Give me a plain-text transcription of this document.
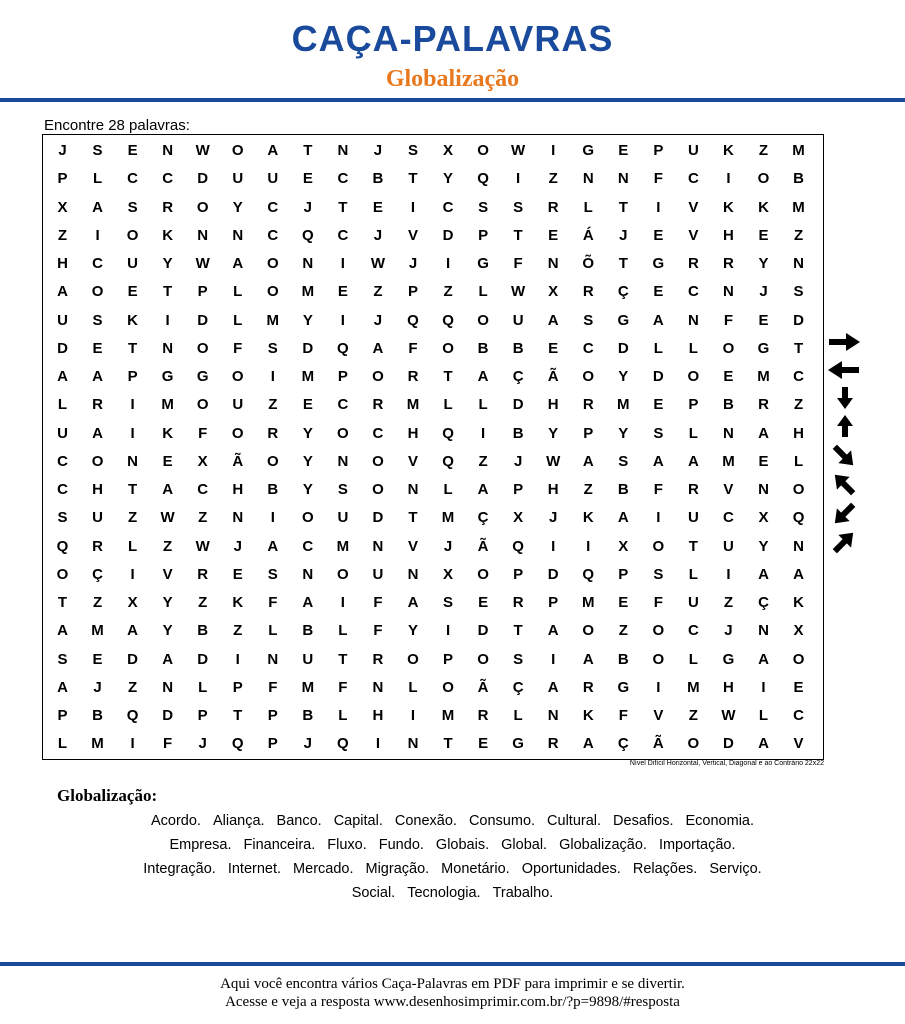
CAÇA-PALAVRAS
Globalização
Encontre 28 palavras:
J	S	E	N	W	O	A	T	N	J	S	X	O	W	I	G	E	P	U	K	Z	M
P	L	C	C	D	U	U	E	C	B	T	Y	Q	I	Z	N	N	F	C	I	O	B
X	A	S	R	O	Y	C	J	T	E	I	C	S	S	R	L	T	I	V	K	K	M
Z	I	O	K	N	N	C	Q	C	J	V	D	P	T	E	Á	J	E	V	H	E	Z
H	C	U	Y	W	A	O	N	I	W	J	I	G	F	N	Õ	T	G	R	R	Y	N
A	O	E	T	P	L	O	M	E	Z	P	Z	L	W	X	R	Ç	E	C	N	J	S
U	S	K	I	D	L	M	Y	I	J	Q	Q	O	U	A	S	G	A	N	F	E	D
D	E	T	N	O	F	S	D	Q	A	F	O	B	B	E	C	D	L	L	O	G	T
A	A	P	G	G	O	I	M	P	O	R	T	A	Ç	Ã	O	Y	D	O	E	M	C
L	R	I	M	O	U	Z	E	C	R	M	L	L	D	H	R	M	E	P	B	R	Z
U	A	I	K	F	O	R	Y	O	C	H	Q	I	B	Y	P	Y	S	L	N	A	H
C	O	N	E	X	Ã	O	Y	N	O	V	Q	Z	J	W	A	S	A	A	M	E	L
C	H	T	A	C	H	B	Y	S	O	N	L	A	P	H	Z	B	F	R	V	N	O
S	U	Z	W	Z	N	I	O	U	D	T	M	Ç	X	J	K	A	I	U	C	X	Q
Q	R	L	Z	W	J	A	C	M	N	V	J	Ã	Q	I	I	X	O	T	U	Y	N
O	Ç	I	V	R	E	S	N	O	U	N	X	O	P	D	Q	P	S	L	I	A	A
T	Z	X	Y	Z	K	F	A	I	F	A	S	E	R	P	M	E	F	U	Z	Ç	K
A	M	A	Y	B	Z	L	B	L	F	Y	I	D	T	A	O	Z	O	C	J	N	X
S	E	D	A	D	I	N	U	T	R	O	P	O	S	I	A	B	O	L	G	A	O
A	J	Z	N	L	P	F	M	F	N	L	O	Ã	Ç	A	R	G	I	M	H	I	E
P	B	Q	D	P	T	P	B	L	H	I	M	R	L	N	K	F	V	Z	W	L	C
L	M	I	F	J	Q	P	J	Q	I	N	T	E	G	R	A	Ç	Ã	O	D	A	V
Nível Difícil Horizontal, Vertical, Diagonal e ao Contrário 22x22
Globalização:
Acordo. Aliança. Banco. Capital. Conexão. Consumo. Cultural. Desafios. Economia.
Empresa. Financeira. Fluxo. Fundo. Globais. Global. Globalização. Importação.
Integração. Internet. Mercado. Migração. Monetário. Oportunidades. Relações. Serviço.
Social. Tecnologia. Trabalho.
Aqui você encontra vários Caça-Palavras em PDF para imprimir e se divertir.
Acesse e veja a resposta www.desenhosimprimir.com.br/?p=9898/#resposta
